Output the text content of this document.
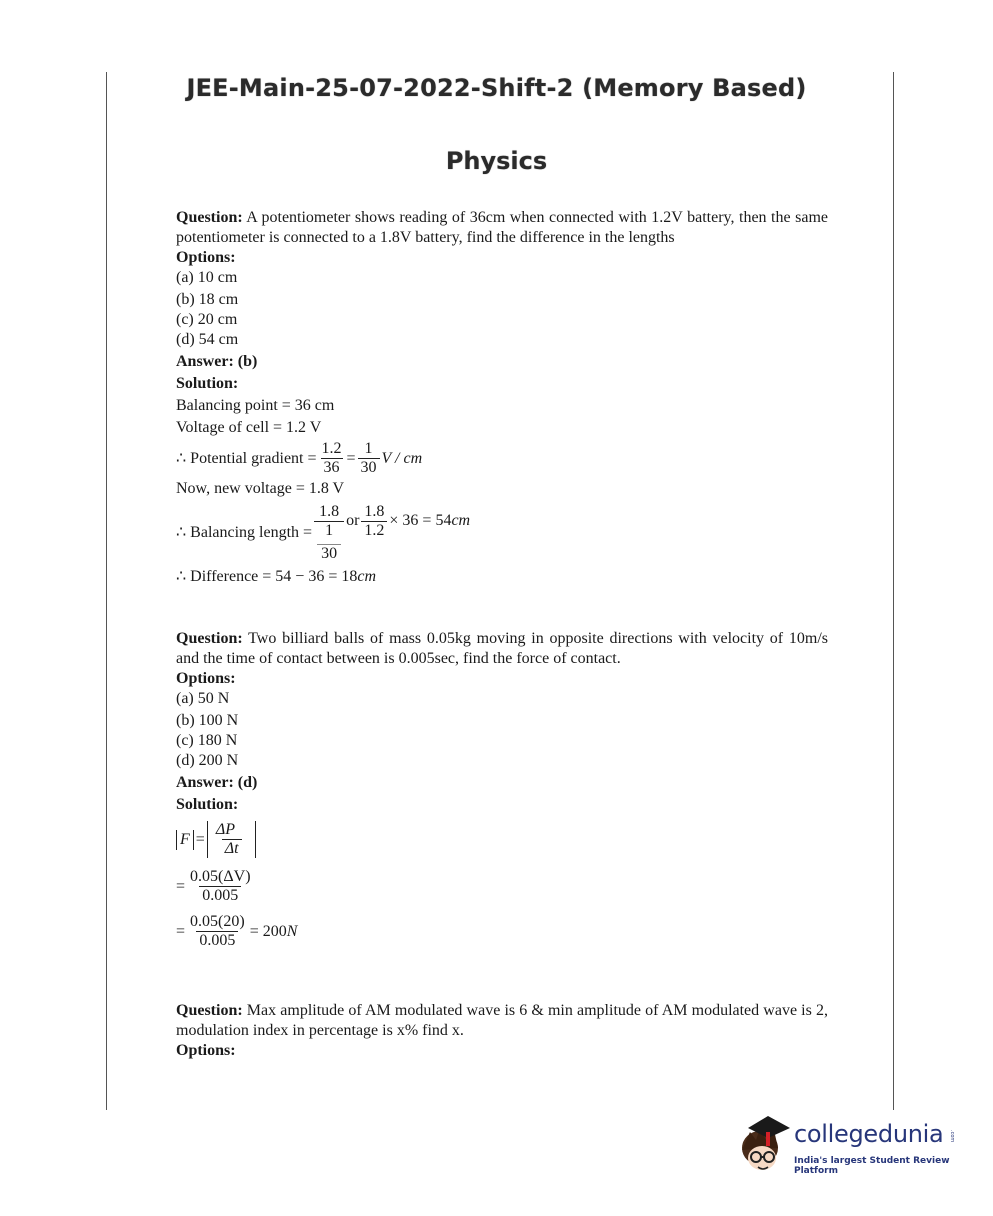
JEE-Main-25-07-2022-Shift-2 (Memory Based)
Physics

Question: A potentiometer shows reading of 36cm when connected with 1.2V battery, then the same potentiometer is connected to a 1.8V battery, find the difference in the lengths

Options:

(a) 10 cm

(b) 18 cm

(c) 20 cm

(d) 54 cm

Answer: (b)

Solution:

Balancing point = 36 cm

Voltage of cell = 1.2 V

∴ Potential gradient
= $\frac{1.2}{36} = \frac{1}{30}$ V / cm

Now, new voltage = 1.8 V

∴ Balancing length
= $\frac{1.8}{\frac{1}{30}}$ or $\frac{1.8}{1.2} \times 36 = 54$ cm
∴ Difference
= 54 − 36 = 18 cm

Question: Two billiard balls of mass 0.05kg moving in opposite directions with velocity of 10m/s and the time of contact between is 0.005sec, find the force of contact.

Options:

(a) 50 N

(b) 100 N

(c) 180 N

(d) 200 N

Answer: (d)

Solution:

$F = \frac{\Delta P⃗}{\Delta t}$
= $\frac{0.05(\Delta V)}{0.005}$
= $\frac{0.05(20)}{0.005} = 200$ N

Question: Max amplitude of AM modulated wave is 6 & min amplitude of AM modulated wave is 2, modulation index in percentage is x% find x.

Options:

collegedunia .com
India's largest Student Review Platform
